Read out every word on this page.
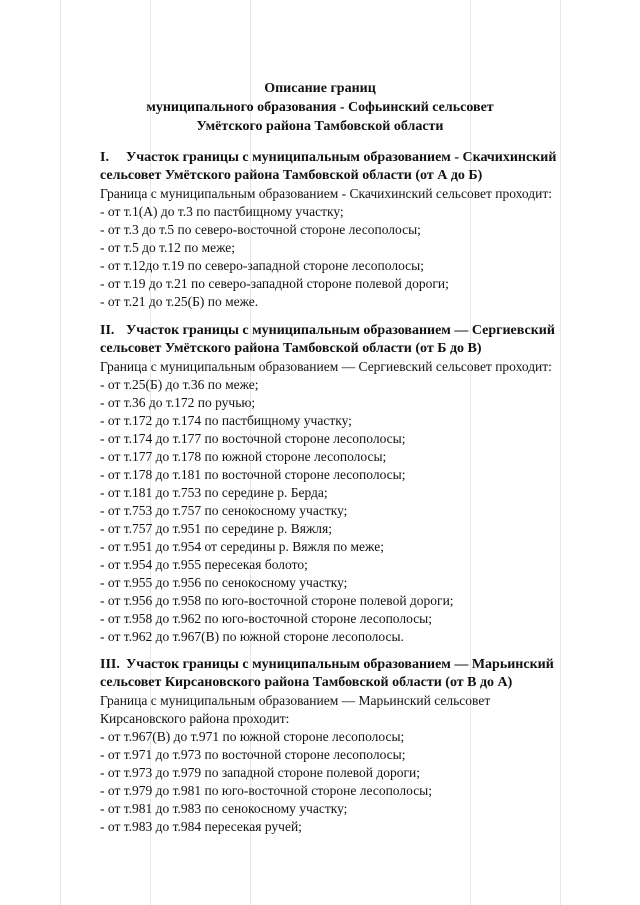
Описание границ
муниципального образования - Софьинский сельсовет
Умётского района Тамбовской области
I. Участок границы с муниципальным образованием - Скачихинский
сельсовет Умётского района Тамбовской области (от А до Б)
Граница с муниципальным образованием - Скачихинский сельсовет проходит:
- от т.1(А) до т.3 по пастбищному участку;
- от т.3 до т.5 по северо-восточной стороне лесополосы;
- от т.5 до т.12 по меже;
- от т.12до т.19 по северо-западной стороне лесополосы;
- от т.19 до т.21 по северо-западной стороне полевой дороги;
- от т.21 до т.25(Б) по меже.
II. Участок границы с муниципальным образованием — Сергиевский
сельсовет Умётского района Тамбовской области (от Б до В)
Граница с муниципальным образованием — Сергиевский сельсовет проходит:
- от т.25(Б) до т.36 по меже;
- от т.36 до т.172 по ручью;
- от т.172 до т.174 по пастбищному участку;
- от т.174 до т.177 по восточной стороне лесополосы;
- от т.177 до т.178 по южной стороне лесополосы;
- от т.178 до т.181 по восточной стороне лесополосы;
- от т.181 до т.753 по середине р. Берда;
- от т.753 до т.757 по сенокосному участку;
- от т.757 до т.951 по середине р. Вяжля;
- от т.951 до т.954 от середины р. Вяжля по меже;
- от т.954 до т.955 пересекая болото;
- от т.955 до т.956 по сенокосному участку;
- от т.956 до т.958 по юго-восточной стороне полевой дороги;
- от т.958 до т.962 по юго-восточной стороне лесополосы;
- от т.962 до т.967(В) по южной стороне лесополосы.
III. Участок границы с муниципальным образованием — Марьинский
сельсовет Кирсановского района Тамбовской области (от В до А)
Граница с муниципальным образованием — Марьинский сельсовет
Кирсановского района проходит:
- от т.967(В) до т.971 по южной стороне лесополосы;
- от т.971 до т.973 по восточной стороне лесополосы;
- от т.973 до т.979 по западной стороне полевой дороги;
- от т.979 до т.981 по юго-восточной стороне лесополосы;
- от т.981 до т.983 по сенокосному участку;
- от т.983 до т.984 пересекая ручей;
